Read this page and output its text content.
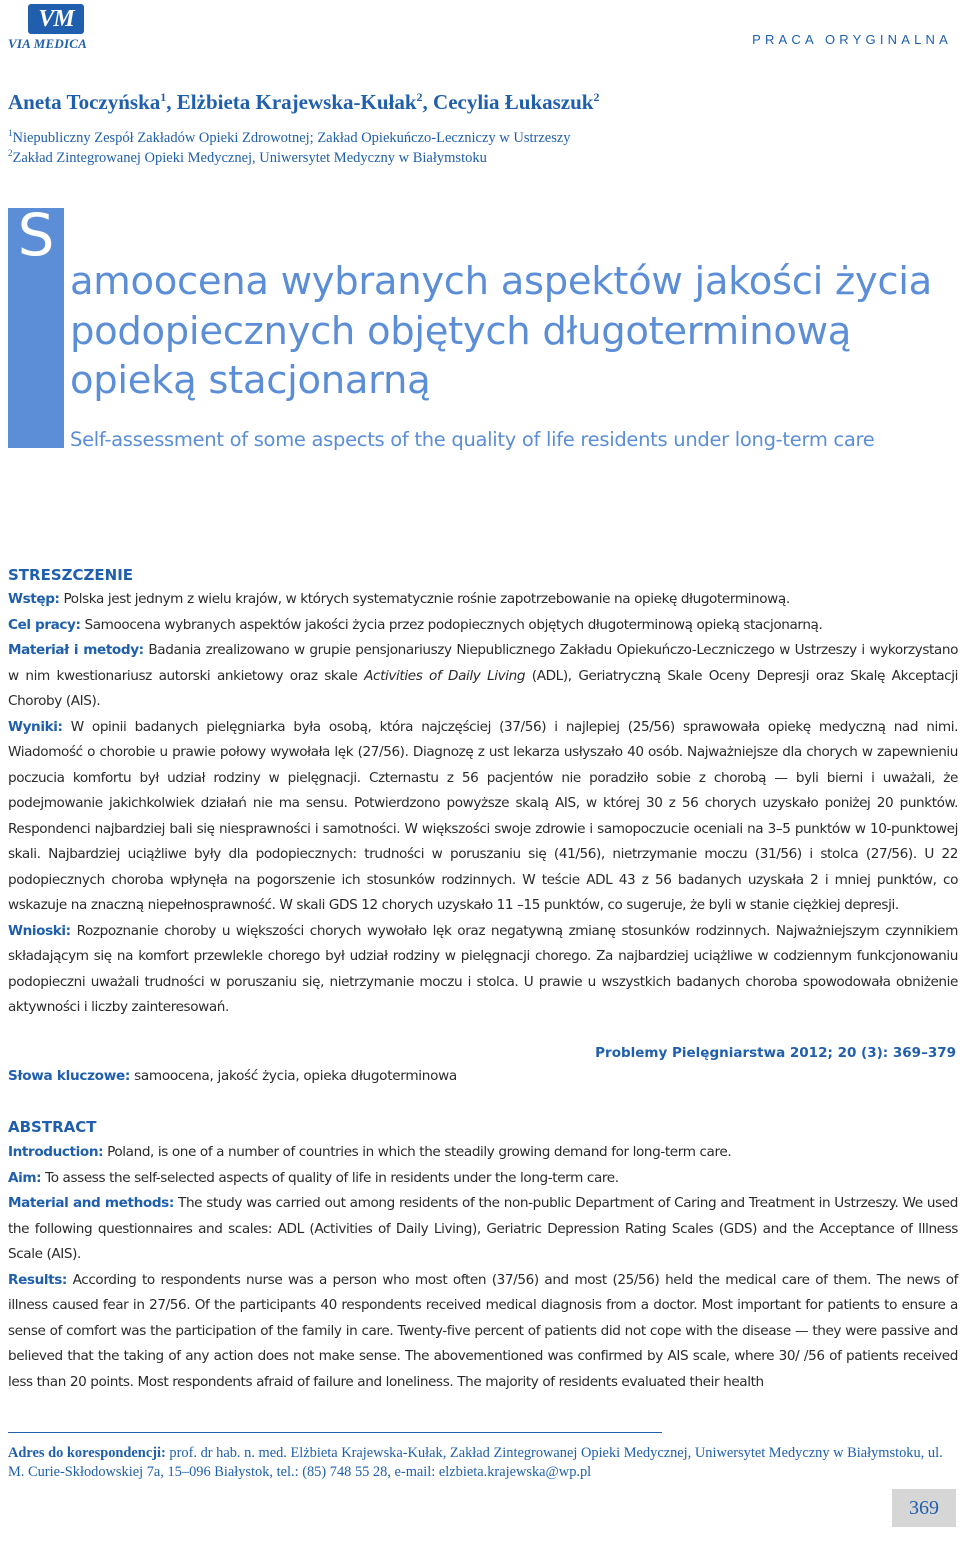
VM
VIA MEDICA	PRACA ORYGINALNA
Aneta Toczyńska$^1$, Elżbieta Krajewska-Kułak$^2$, Cecylia Łukaszuk$^2$
$^1$Niepubliczny Zespół Zakładów Opieki Zdrowotnej; Zakład Opiekuńczo-Leczniczy w Ustrzeszy
$^2$Zakład Zintegrowanej Opieki Medycznej, Uniwersytet Medyczny w Białymstoku
S
amoocena wybranych aspektów jakości życia
podopiecznych objętych długoterminową
opieką stacjonarną
Self-assessment of some aspects of the quality of life residents under long-term care
STRESZCZENIE

Wstęp: Polska jest jednym z wielu krajów, w których systematycznie rośnie zapotrzebowanie na opiekę długoterminową.

Cel pracy: Samoocena wybranych aspektów jakości życia przez podopiecznych objętych długoterminową opieką stacjonarną.

Materiał i metody: Badania zrealizowano w grupie pensjonariuszy Niepublicznego Zakładu Opiekuńczo-Leczniczego w Ustrzeszy i wykorzystano w nim kwestionariusz autorski ankietowy oraz skale Activities of Daily Living (ADL), Geriatryczną Skale Oceny Depresji oraz Skalę Akceptacji Choroby (AIS).

Wyniki: W opinii badanych pielęgniarka była osobą, która najczęściej (37/56) i najlepiej (25/56) sprawowała opiekę medyczną nad nimi. Wiadomość o chorobie u prawie połowy wywołała lęk (27/56). Diagnozę z ust lekarza usłyszało 40 osób. Najważniejsze dla chorych w zapewnieniu poczucia komfortu był udział rodziny w pielęgnacji. Czternastu z 56 pacjentów nie poradziło sobie z chorobą — byli bierni i uważali, że podejmowanie jakichkolwiek działań nie ma sensu. Potwierdzono powyższe skalą AIS, w której 30 z 56 chorych uzyskało poniżej 20 punktów. Respondenci najbardziej bali się niesprawności i samotności. W większości swoje zdrowie i samopoczucie oceniali na 3–5 punktów w 10-punktowej skali. Najbardziej uciążliwe były dla podopiecznych: trudności w poruszaniu się (41/56), nietrzymanie moczu (31/56) i stolca (27/56). U 22 podopiecznych choroba wpłynęła na pogorszenie ich stosunków rodzinnych. W teście ADL 43 z 56 badanych uzyskała 2 i mniej punktów, co wskazuje na znaczną niepełnosprawność. W skali GDS 12 chorych uzyskało 11 –15 punktów, co sugeruje, że byli w stanie ciężkiej depresji.

Wnioski: Rozpoznanie choroby u większości chorych wywołało lęk oraz negatywną zmianę stosunków rodzinnych. Najważniejszym czynnikiem składającym się na komfort przewlekle chorego był udział rodziny w pielęgnacji chorego. Za najbardziej uciążliwe w codziennym funkcjonowaniu podopieczni uważali trudności w poruszaniu się, nietrzymanie moczu i stolca. U prawie u wszystkich badanych choroba spowodowała obniżenie aktywności i liczby zainteresowań.

Problemy Pielęgniarstwa 2012; 20 (3): 369–379
Słowa kluczowe: samoocena, jakość życia, opieka długoterminowa
ABSTRACT

Introduction: Poland, is one of a number of countries in which the steadily growing demand for long-term care.

Aim: To assess the self-selected aspects of quality of life in residents under the long-term care.

Material and methods: The study was carried out among residents of the non-public Department of Caring and Treatment in Ustrzeszy. We used the following questionnaires and scales: ADL (Activities of Daily Living), Geriatric Depression Rating Scales (GDS) and the Acceptance of Illness Scale (AIS).

Results: According to respondents nurse was a person who most often (37/56) and most (25/56) held the medical care of them. The news of illness caused fear in 27/56. Of the participants 40 respondents received medical diagnosis from a doctor. Most important for patients to ensure a sense of comfort was the participation of the family in care. Twenty-five percent of patients did not cope with the disease — they were passive and believed that the taking of any action does not make sense. The abovementioned was confirmed by AIS scale, where 30/ /56 of patients received less than 20 points. Most respondents afraid of failure and loneliness. The majority of residents evaluated their health

Adres do korespondencji: prof. dr hab. n. med. Elżbieta Krajewska-Kułak, Zakład Zintegrowanej Opieki Medycznej, Uniwersytet Medyczny w Białymstoku, ul. M. Curie-Skłodowskiej 7a, 15–096 Białystok, tel.: (85) 748 55 28, e-mail: elzbieta.krajewska@wp.pl
369
